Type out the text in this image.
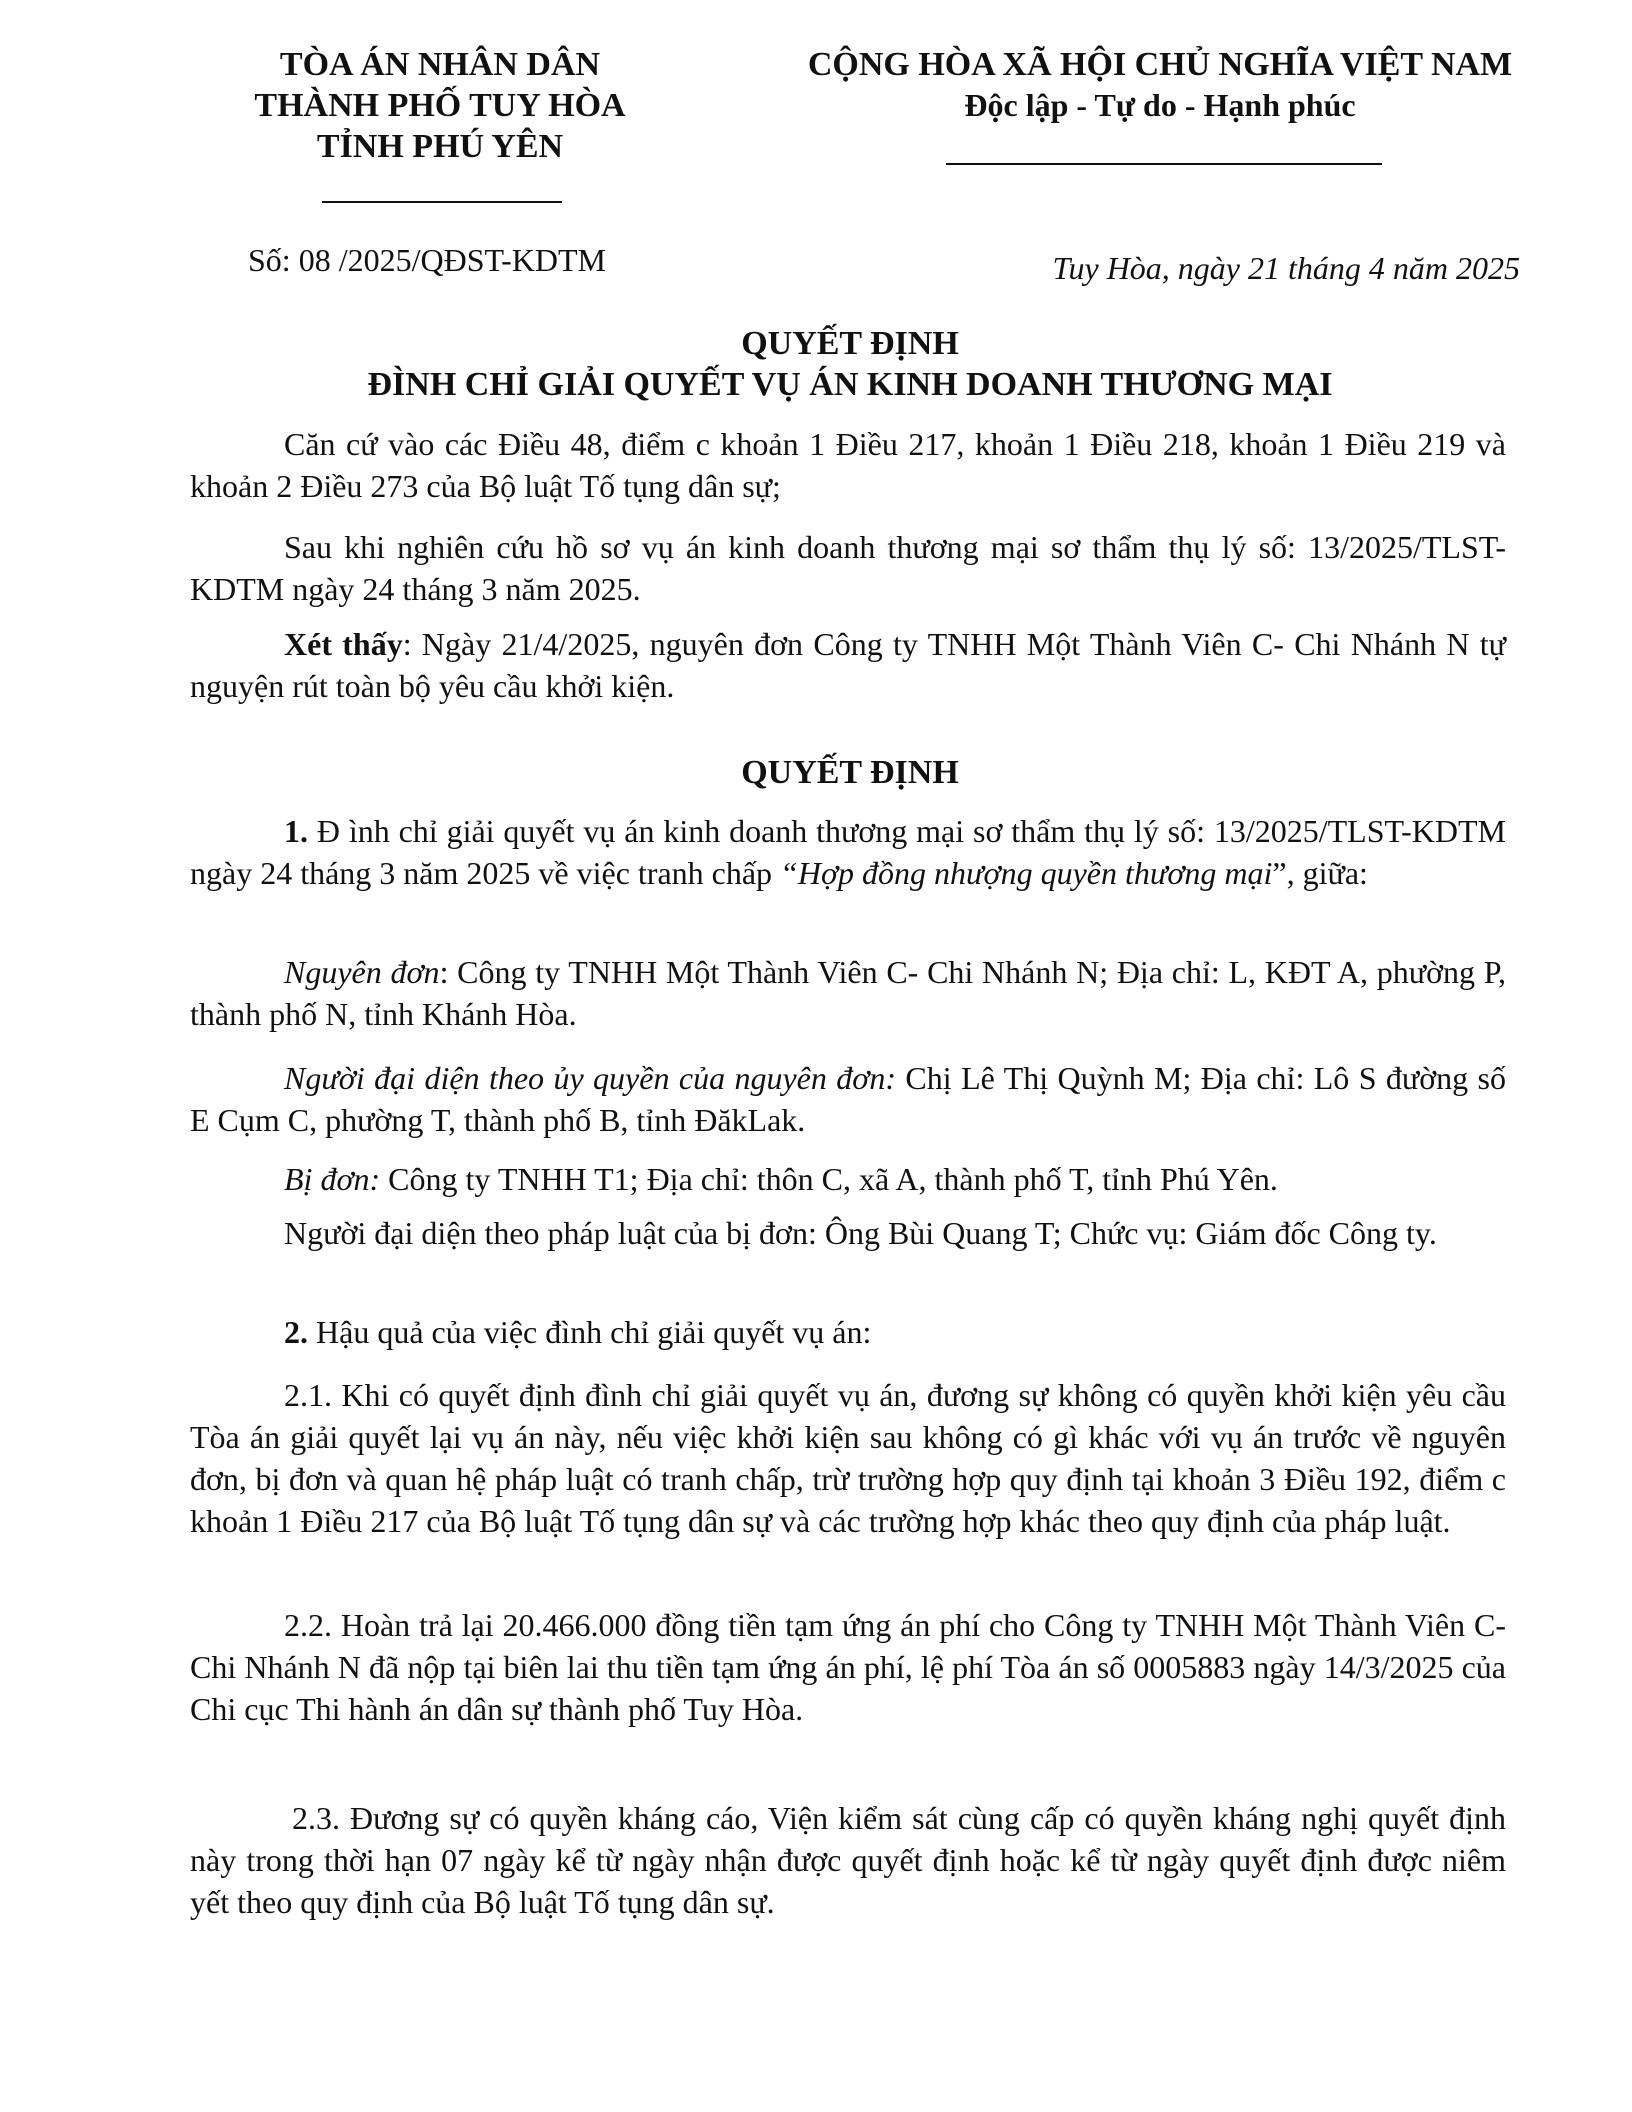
TÒA ÁN NHÂN DÂN
THÀNH PHỐ TUY HÒA
TỈNH PHÚ YÊN
CỘNG HÒA XÃ HỘI CHỦ NGHĨA VIỆT NAM
Độc lập - Tự do - Hạnh phúc
Số: 08 /2025/QĐST-KDTM	Tuy Hòa, ngày 21 tháng 4 năm 2025
QUYẾT ĐỊNH
ĐÌNH CHỈ GIẢI QUYẾT VỤ ÁN KINH DOANH THƯƠNG MẠI

Căn cứ vào các Điều 48, điểm c khoản 1 Điều 217, khoản 1 Điều 218, khoản 1 Điều 219 và khoản 2 Điều 273 của Bộ luật Tố tụng dân sự;

Sau khi nghiên cứu hồ sơ vụ án kinh doanh thương mại sơ thẩm thụ lý số: 13/2025/TLST-KDTM ngày 24 tháng 3 năm 2025.

Xét thấy: Ngày 21/4/2025, nguyên đơn Công ty TNHH Một Thành Viên C- Chi Nhánh N tự nguyện rút toàn bộ yêu cầu khởi kiện.

QUYẾT ĐỊNH

1. Đ ình chỉ giải quyết vụ án kinh doanh thương mại sơ thẩm thụ lý số: 13/2025/TLST-KDTM ngày 24 tháng 3 năm 2025 về việc tranh chấp “Hợp đồng nhượng quyền thương mại”, giữa:

Nguyên đơn: Công ty TNHH Một Thành Viên C- Chi Nhánh N; Địa chỉ: L, KĐT A, phường P, thành phố N, tỉnh Khánh Hòa.

Người đại diện theo ủy quyền của nguyên đơn: Chị Lê Thị Quỳnh M; Địa chỉ: Lô S đường số E Cụm C, phường T, thành phố B, tỉnh ĐăkLak.

Bị đơn: Công ty TNHH T1; Địa chỉ: thôn C, xã A, thành phố T, tỉnh Phú Yên.

Người đại diện theo pháp luật của bị đơn: Ông Bùi Quang T; Chức vụ: Giám đốc Công ty.

2. Hậu quả của việc đình chỉ giải quyết vụ án:

2.1. Khi có quyết định đình chỉ giải quyết vụ án, đương sự không có quyền khởi kiện yêu cầu Tòa án giải quyết lại vụ án này, nếu việc khởi kiện sau không có gì khác với vụ án trước về nguyên đơn, bị đơn và quan hệ pháp luật có tranh chấp, trừ trường hợp quy định tại khoản 3 Điều 192, điểm c khoản 1 Điều 217 của Bộ luật Tố tụng dân sự và các trường hợp khác theo quy định của pháp luật.

2.2. Hoàn trả lại 20.466.000 đồng tiền tạm ứng án phí cho Công ty TNHH Một Thành Viên C- Chi Nhánh N đã nộp tại biên lai thu tiền tạm ứng án phí, lệ phí Tòa án số 0005883 ngày 14/3/2025 của Chi cục Thi hành án dân sự thành phố Tuy Hòa.

2.3. Đương sự có quyền kháng cáo, Viện kiểm sát cùng cấp có quyền kháng nghị quyết định này trong thời hạn 07 ngày kể từ ngày nhận được quyết định hoặc kể từ ngày quyết định được niêm yết theo quy định của Bộ luật Tố tụng dân sự.
